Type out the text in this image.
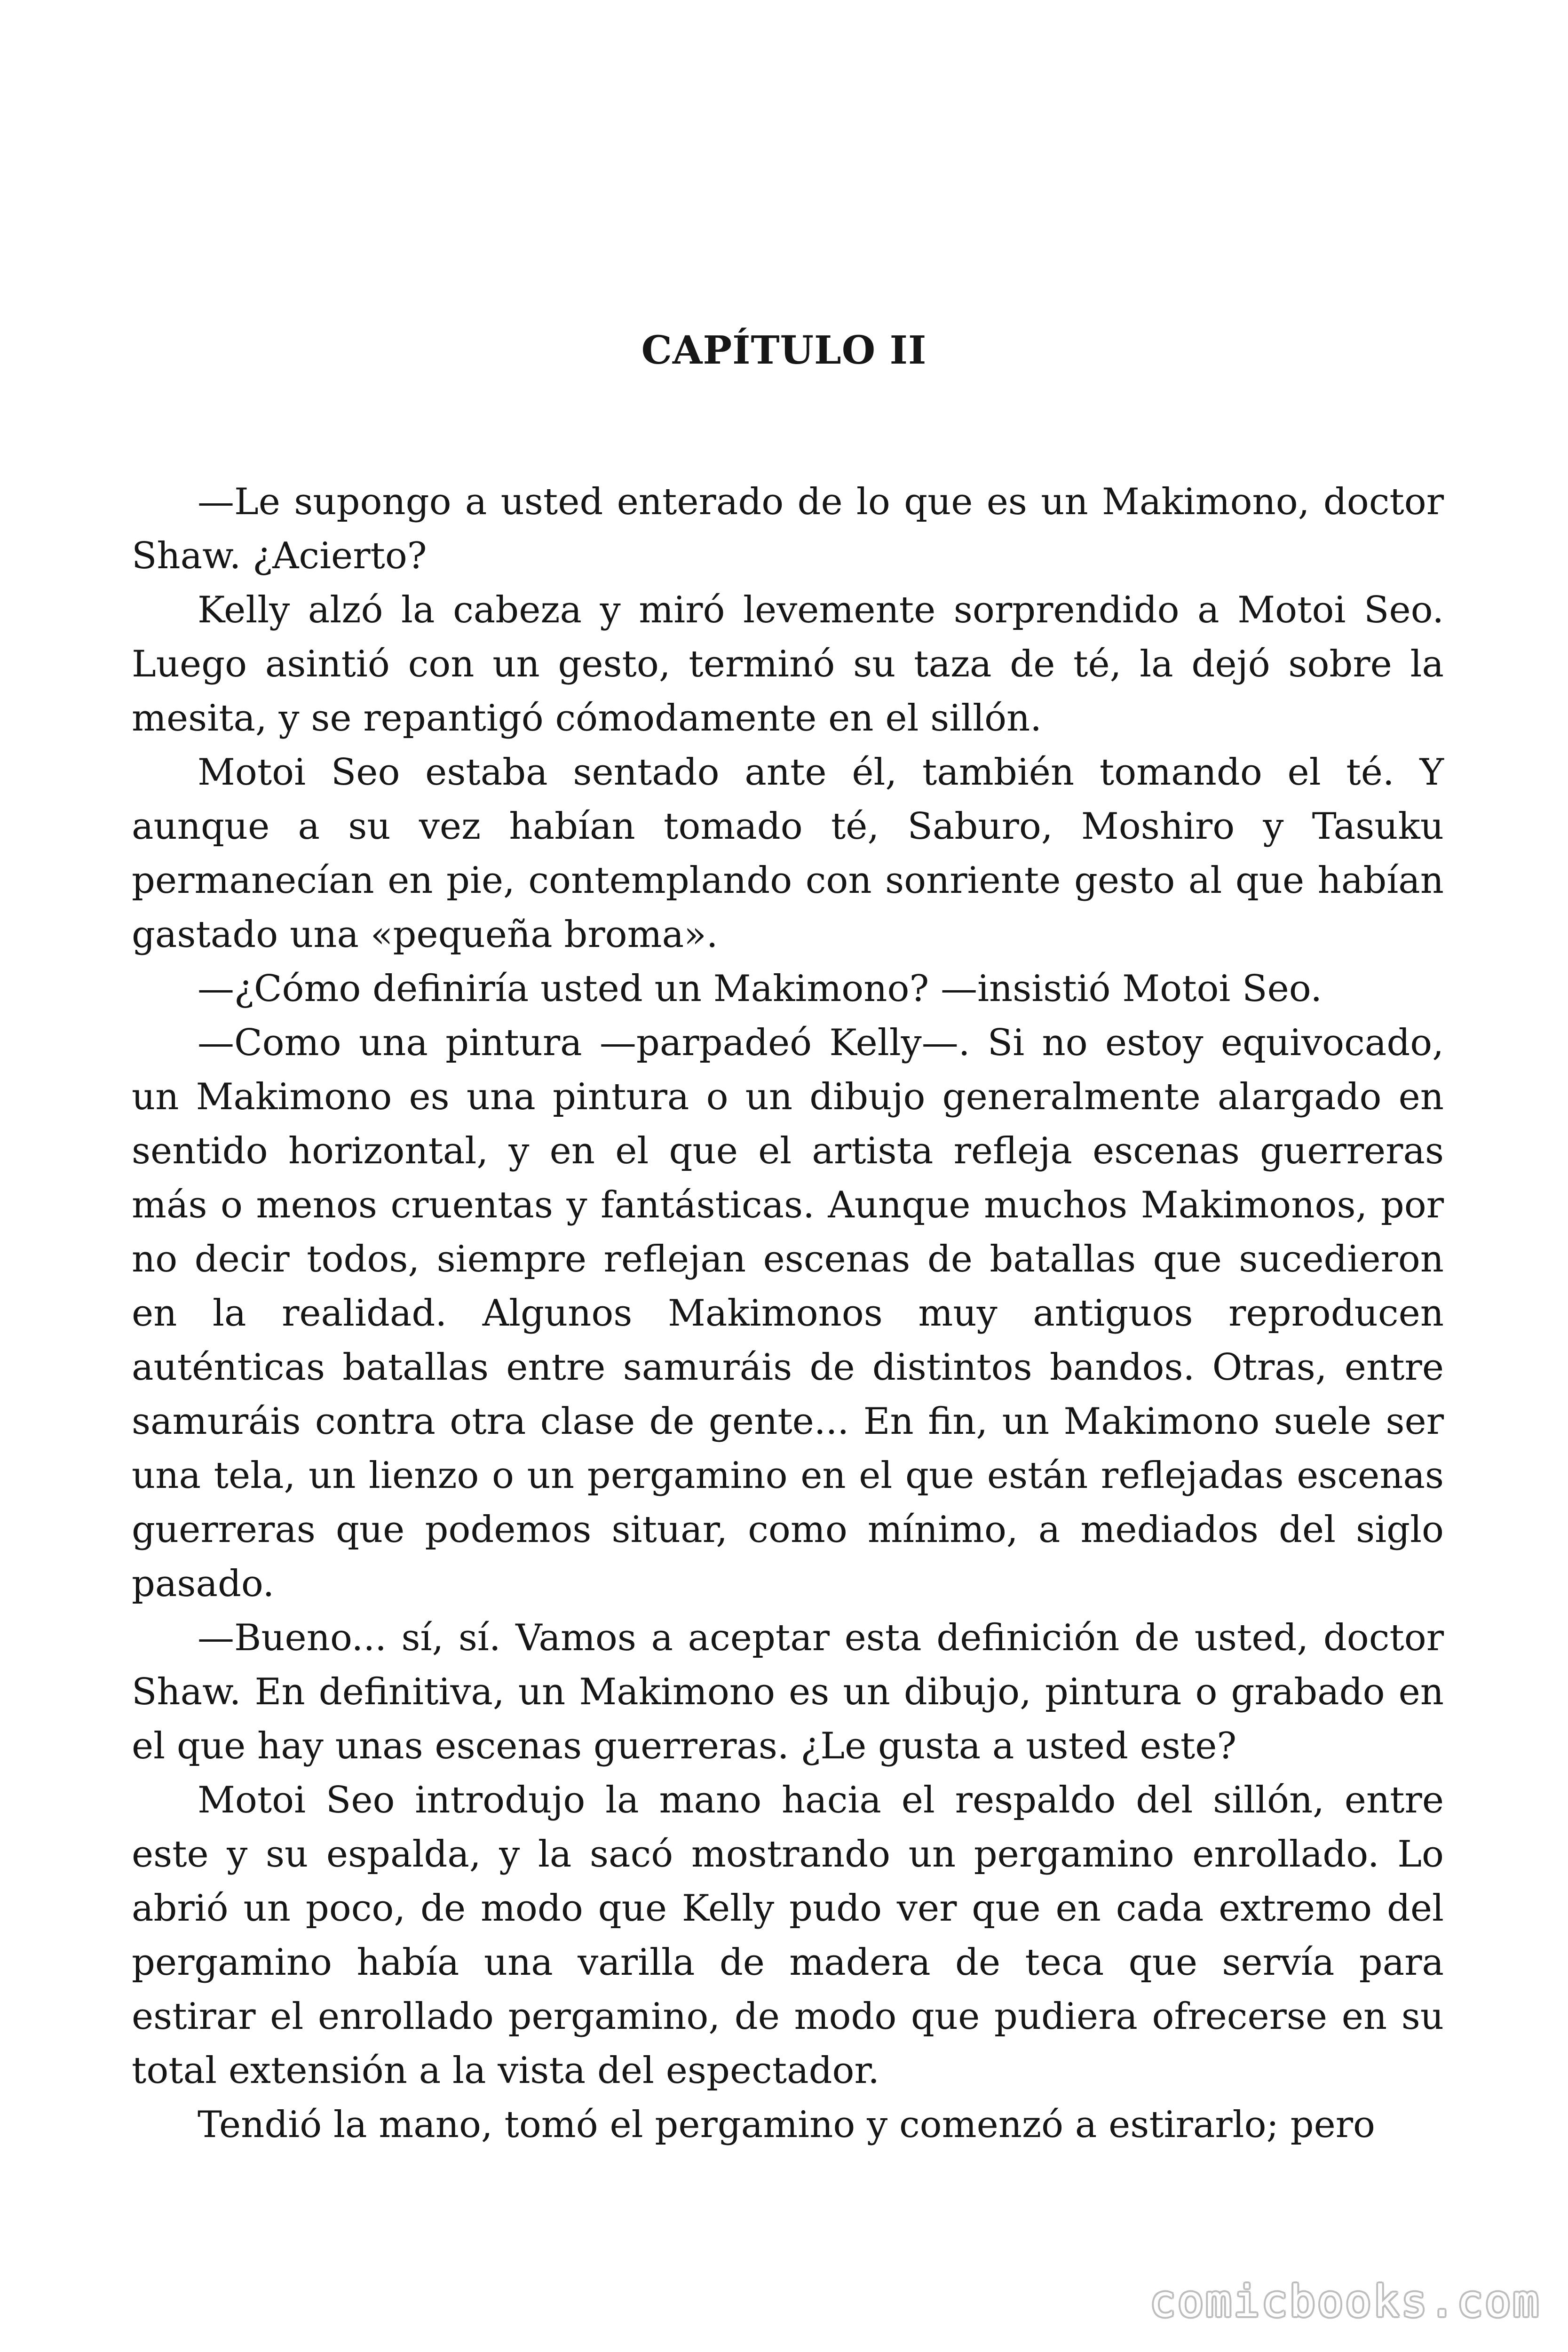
CAPÍTULO II

—Le supongo a usted enterado de lo que es un Makimono, doctor Shaw. ¿Acierto?

Kelly alzó la cabeza y miró levemente sorprendido a Motoi Seo. Luego asintió con un gesto, terminó su taza de té, la dejó sobre la mesita, y se repantigó cómodamente en el sillón.

Motoi Seo estaba sentado ante él, también tomando el té. Y aunque a su vez habían tomado té, Saburo, Moshiro y Tasuku permanecían en pie, contemplando con sonriente gesto al que habían gastado una «pequeña broma».

—¿Cómo definiría usted un Makimono? —insistió Motoi Seo.

—Como una pintura —parpadeó Kelly—. Si no estoy equivocado, un Makimono es una pintura o un dibujo generalmente alargado en sentido horizontal, y en el que el artista refleja escenas guerreras más o menos cruentas y fantásticas. Aunque muchos Makimonos, por no decir todos, siempre reflejan escenas de batallas que sucedieron en la realidad. Algunos Makimonos muy antiguos reproducen auténticas batallas entre samuráis de distintos bandos. Otras, entre samuráis contra otra clase de gente... En fin, un Makimono suele ser una tela, un lienzo o un pergamino en el que están reflejadas escenas guerreras que podemos situar, como mínimo, a mediados del siglo pasado.

—Bueno... sí, sí. Vamos a aceptar esta definición de usted, doctor Shaw. En definitiva, un Makimono es un dibujo, pintura o grabado en el que hay unas escenas guerreras. ¿Le gusta a usted este?

Motoi Seo introdujo la mano hacia el respaldo del sillón, entre este y su espalda, y la sacó mostrando un pergamino enrollado. Lo abrió un poco, de modo que Kelly pudo ver que en cada extremo del pergamino había una varilla de madera de teca que servía para estirar el enrollado pergamino, de modo que pudiera ofrecerse en su total extensión a la vista del espectador.

Tendió la mano, tomó el pergamino y comenzó a estirarlo; pero

comicbooks.com
